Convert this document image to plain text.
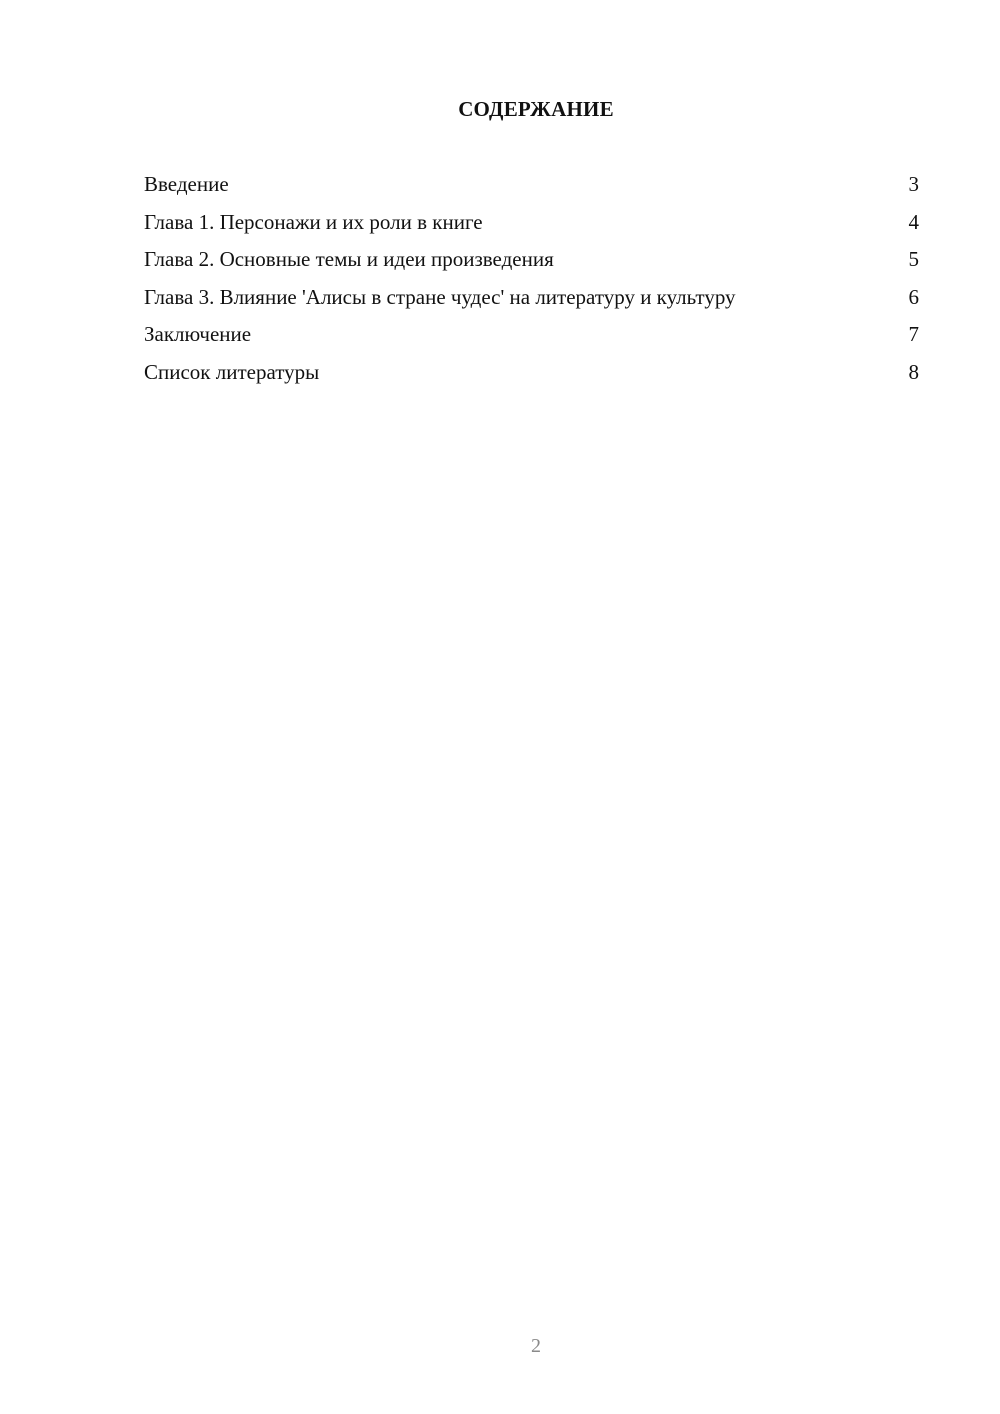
СОДЕРЖАНИЕ
Введение	3
Глава 1. Персонажи и их роли в книге	4
Глава 2. Основные темы и идеи произведения	5
Глава 3. Влияние 'Алисы в стране чудес' на литературу и культуру	6
Заключение	7
Список литературы	8
2
